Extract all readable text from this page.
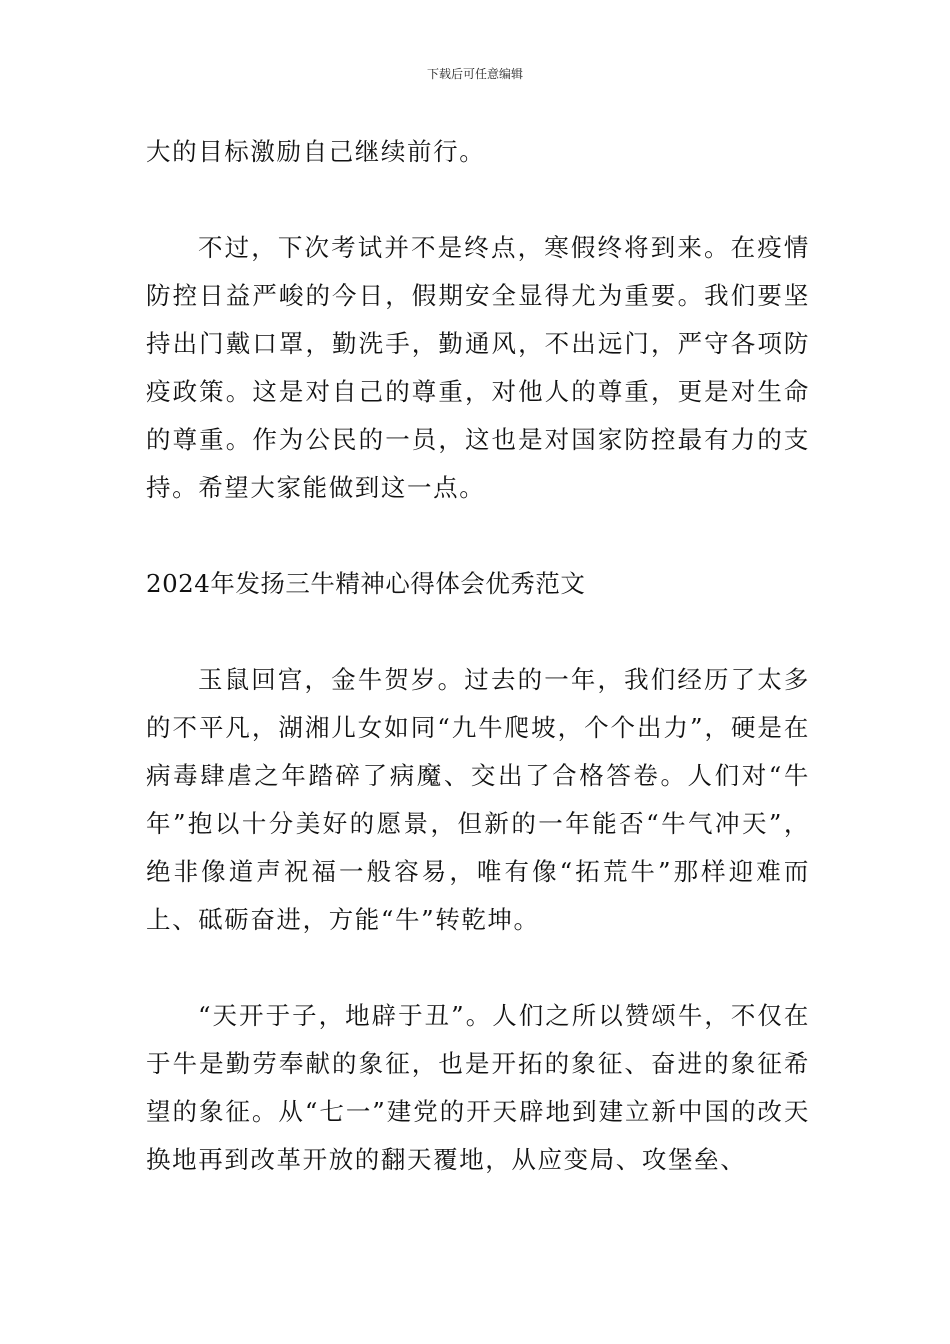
下载后可任意编辑

大的目标激励自己继续前行。

不过，下次考试并不是终点，寒假终将到来。在疫情防控日益严峻的今日，假期安全显得尤为重要。我们要坚持出门戴口罩，勤洗手，勤通风，不出远门，严守各项防疫政策。这是对自己的尊重，对他人的尊重，更是对生命的尊重。作为公民的一员，这也是对国家防控最有力的支持。希望大家能做到这一点。

2024年发扬三牛精神心得体会优秀范文

玉鼠回宫，金牛贺岁。过去的一年，我们经历了太多的不平凡，湖湘儿女如同“九牛爬坡，个个出力”，硬是在病毒肆虐之年踏碎了病魔、交出了合格答卷。人们对“牛年”抱以十分美好的愿景，但新的一年能否“牛气冲天”，绝非像道声祝福一般容易，唯有像“拓荒牛”那样迎难而上、砥砺奋进，方能“牛”转乾坤。

“天开于子，地辟于丑”。人们之所以赞颂牛，不仅在于牛是勤劳奉献的象征，也是开拓的象征、奋进的象征希望的象征。从“七一”建党的开天辟地到建立新中国的改天换地再到改革开放的翻天覆地，从应变局、攻堡垒、
